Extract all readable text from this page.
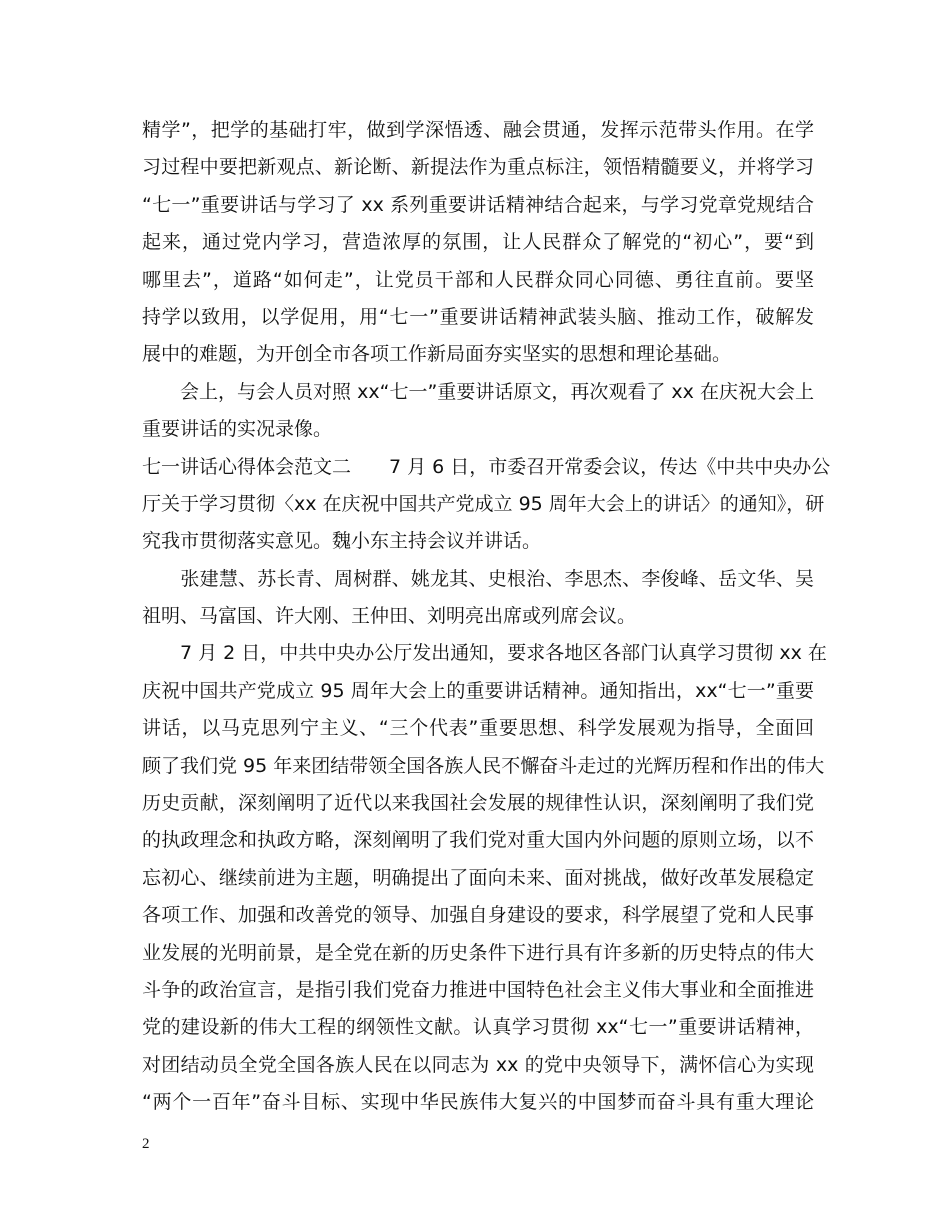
精学”，把学的基础打牢，做到学深悟透、融会贯通，发挥示范带头作用。在学
习过程中要把新观点、新论断、新提法作为重点标注，领悟精髓要义，并将学习
“七一”重要讲话与学习了 xx 系列重要讲话精神结合起来，与学习党章党规结合
起来，通过党内学习，营造浓厚的氛围，让人民群众了解党的“初心”，要“到
哪里去”，道路“如何走”，让党员干部和人民群众同心同德、勇往直前。要坚
持学以致用，以学促用，用“七一”重要讲话精神武装头脑、推动工作，破解发
展中的难题，为开创全市各项工作新局面夯实坚实的思想和理论基础。
　　会上，与会人员对照 xx“七一”重要讲话原文，再次观看了 xx 在庆祝大会上
重要讲话的实况录像。
七一讲话心得体会范文二　　7 月 6 日，市委召开常委会议，传达《中共中央办公
厅关于学习贯彻〈xx 在庆祝中国共产党成立 95 周年大会上的讲话〉的通知》，研
究我市贯彻落实意见。魏小东主持会议并讲话。
　　张建慧、苏长青、周树群、姚龙其、史根治、李思杰、李俊峰、岳文华、吴
祖明、马富国、许大刚、王仲田、刘明亮出席或列席会议。
　　7 月 2 日，中共中央办公厅发出通知，要求各地区各部门认真学习贯彻 xx 在
庆祝中国共产党成立 95 周年大会上的重要讲话精神。通知指出，xx“七一”重要
讲话，以马克思列宁主义、“三个代表”重要思想、科学发展观为指导，全面回
顾了我们党 95 年来团结带领全国各族人民不懈奋斗走过的光辉历程和作出的伟大
历史贡献，深刻阐明了近代以来我国社会发展的规律性认识，深刻阐明了我们党
的执政理念和执政方略，深刻阐明了我们党对重大国内外问题的原则立场，以不
忘初心、继续前进为主题，明确提出了面向未来、面对挑战，做好改革发展稳定
各项工作、加强和改善党的领导、加强自身建设的要求，科学展望了党和人民事
业发展的光明前景，是全党在新的历史条件下进行具有许多新的历史特点的伟大
斗争的政治宣言，是指引我们党奋力推进中国特色社会主义伟大事业和全面推进
党的建设新的伟大工程的纲领性文献。认真学习贯彻 xx“七一”重要讲话精神，
对团结动员全党全国各族人民在以同志为 xx 的党中央领导下，满怀信心为实现
“两个一百年”奋斗目标、实现中华民族伟大复兴的中国梦而奋斗具有重大理论
2
